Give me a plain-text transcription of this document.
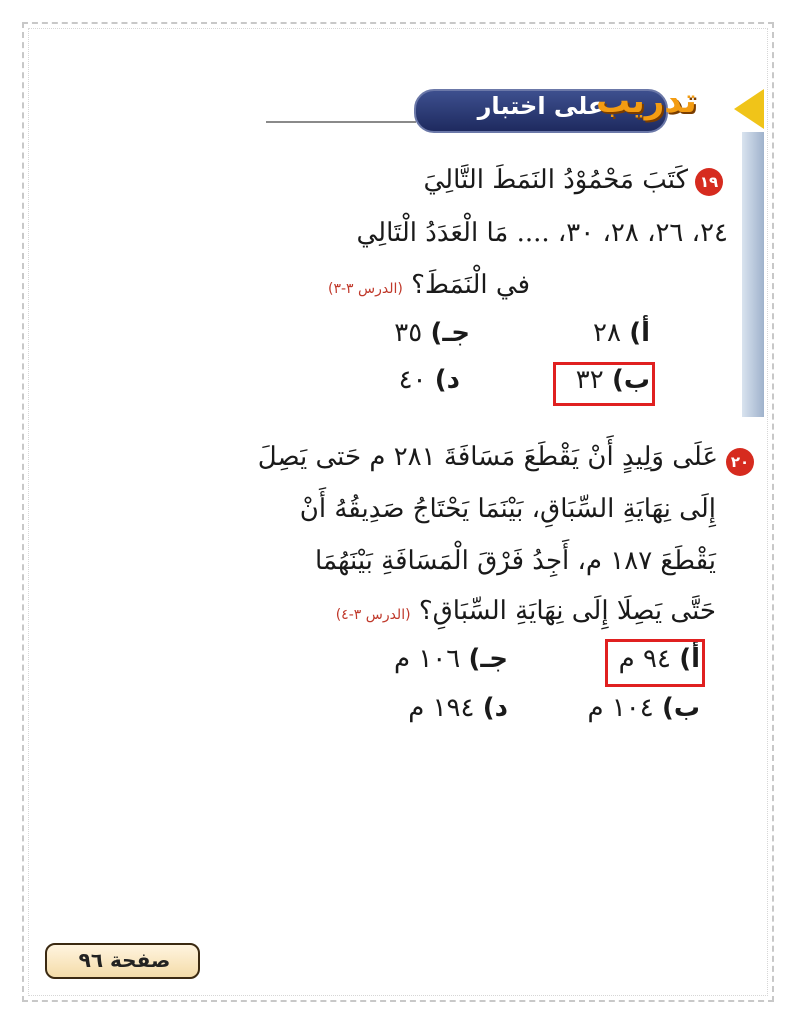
على اختبار
تدريب
١٩
كَتَبَ مَحْمُوْدُ النَمَطَ التَّالِيَ
٢٤، ٢٦، ٢٨، ٣٠، .... مَا الْعَدَدُ الْتَالِي
في الْنَمَطَ؟ (الدرس ٣-٣)
أ) ٢٨
جـ) ٣٥
ب) ٣٢
د) ٤٠
٢٠
عَلَى وَلِيدٍ أَنْ يَقْطَعَ مَسَافَةَ ٢٨١ م حَتى يَصِلَ
إِلَى نِهَايَةِ السِّبَاقِ، بَيْنَمَا يَحْتَاجُ صَدِيقُهُ أَنْ
يَقْطَعَ ١٨٧ م، أَجِدُ فَرْقَ الْمَسَافَةِ بَيْنَهُمَا
حَتَّى يَصِلَا إِلَى نِهَايَةِ السِّبَاقِ؟ (الدرس ٣-٤)
أ) ٩٤ م
جـ) ١٠٦ م
ب) ١٠٤ م
د) ١٩٤ م
صفحة ٩٦
